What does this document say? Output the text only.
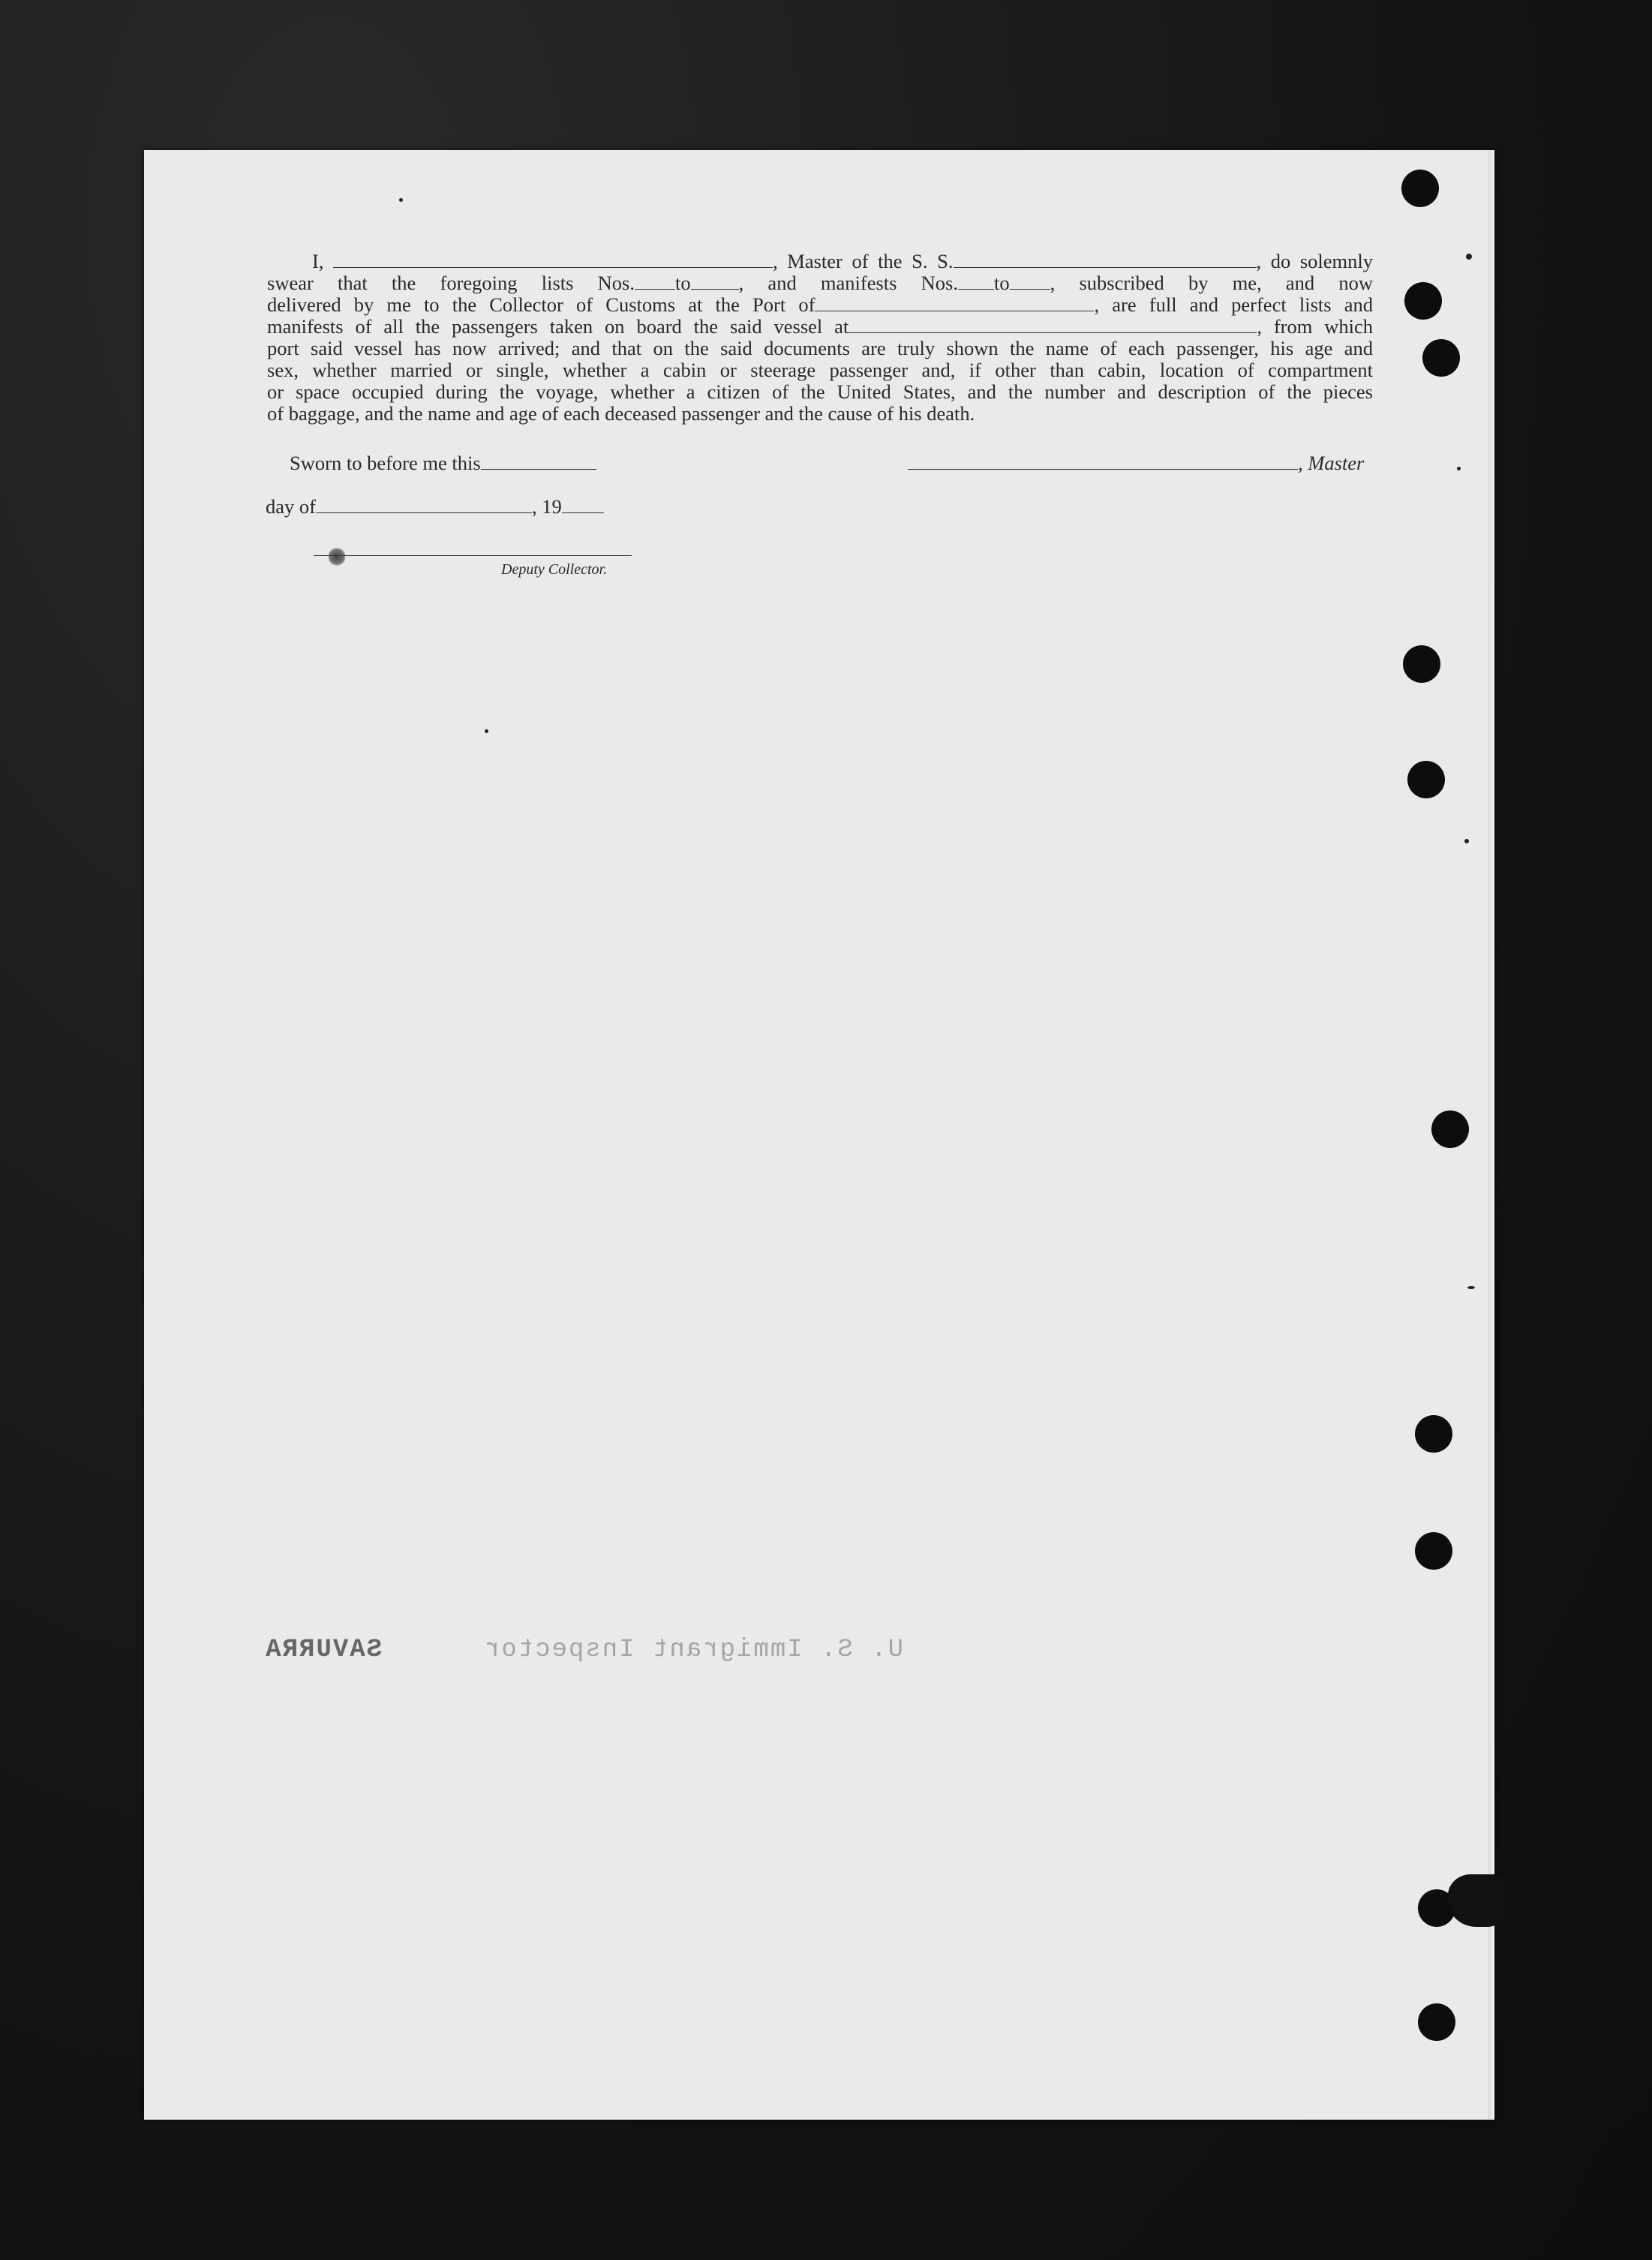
I,	, Master of the S. S.	, do solemnly
swear that the foregoing lists Nos. to , and manifests Nos. to , subscribed by me, and now
delivered by me to the Collector of Customs at the Port of	, are full and perfect lists and
manifests of all the passengers taken on board the said vessel at	, from which
port said vessel has now arrived; and that on the said documents are truly shown the name of each passenger, his age and
sex, whether married or single, whether a cabin or steerage passenger and, if other than cabin, location of compartment
or space occupied during the voyage, whether a citizen of the United States, and the number and description of the pieces
of baggage, and the name and age of each deceased passenger and the cause of his death.
Sworn to before me this	, Master
day of	, 19
Deputy Collector.
U. S. Immigrant Inspector  SAVURRA
